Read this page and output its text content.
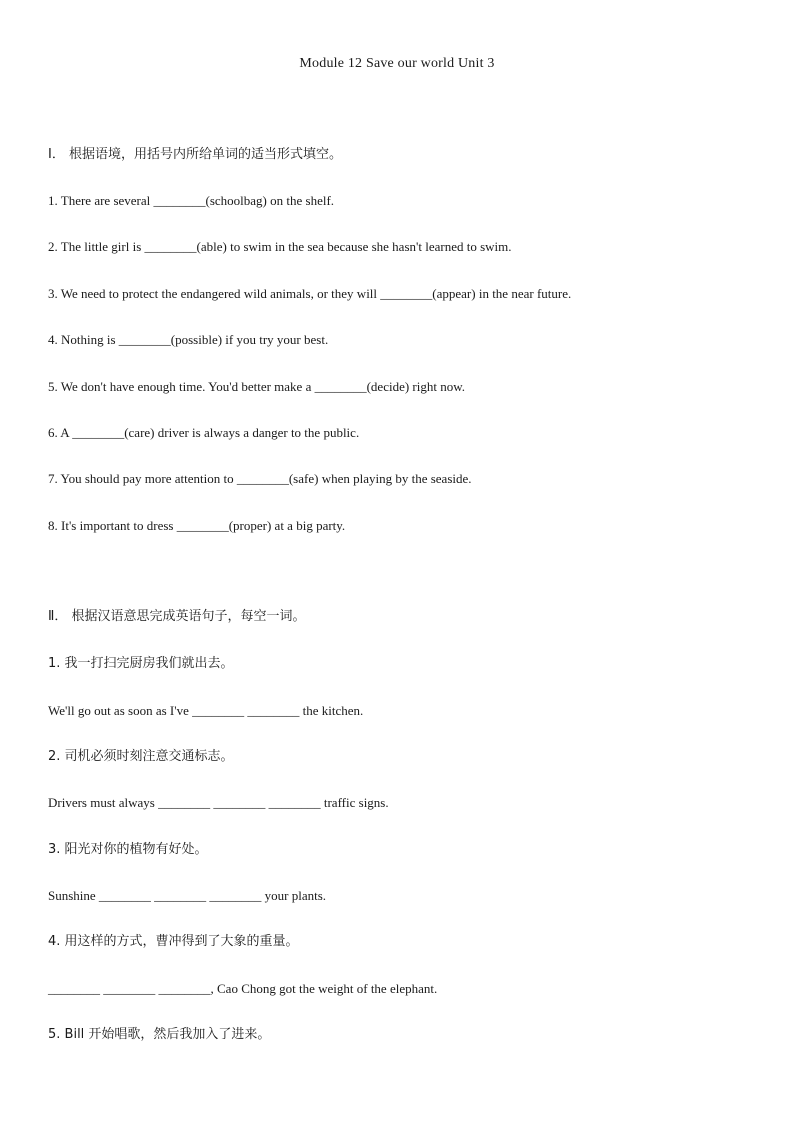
Module 12 Save our world Unit 3
Ⅰ． 根据语境，用括号内所给单词的适当形式填空。
1. There are several ________(schoolbag) on the shelf.
2. The little girl is ________(able) to swim in the sea because she hasn't learned to swim.
3. We need to protect the endangered wild animals, or they will ________(appear) in the near future.
4. Nothing is ________(possible) if you try your best.
5. We don't have enough time. You'd better make a ________(decide) right now.
6. A ________(care) driver is always a danger to the public.
7. You should pay more attention to ________(safe) when playing by the seaside.
8. It's important to dress ________(proper) at a big party.
Ⅱ． 根据汉语意思完成英语句子，每空一词。
1. 我一打扫完厨房我们就出去。
We'll go out as soon as I've ________ ________ the kitchen.
2. 司机必须时刻注意交通标志。
Drivers must always ________ ________ ________ traffic signs.
3. 阳光对你的植物有好处。
Sunshine ________ ________ ________ your plants.
4. 用这样的方式，曹冲得到了大象的重量。
________ ________ ________, Cao Chong got the weight of the elephant.
5. Bill 开始唱歌，然后我加入了进来。
